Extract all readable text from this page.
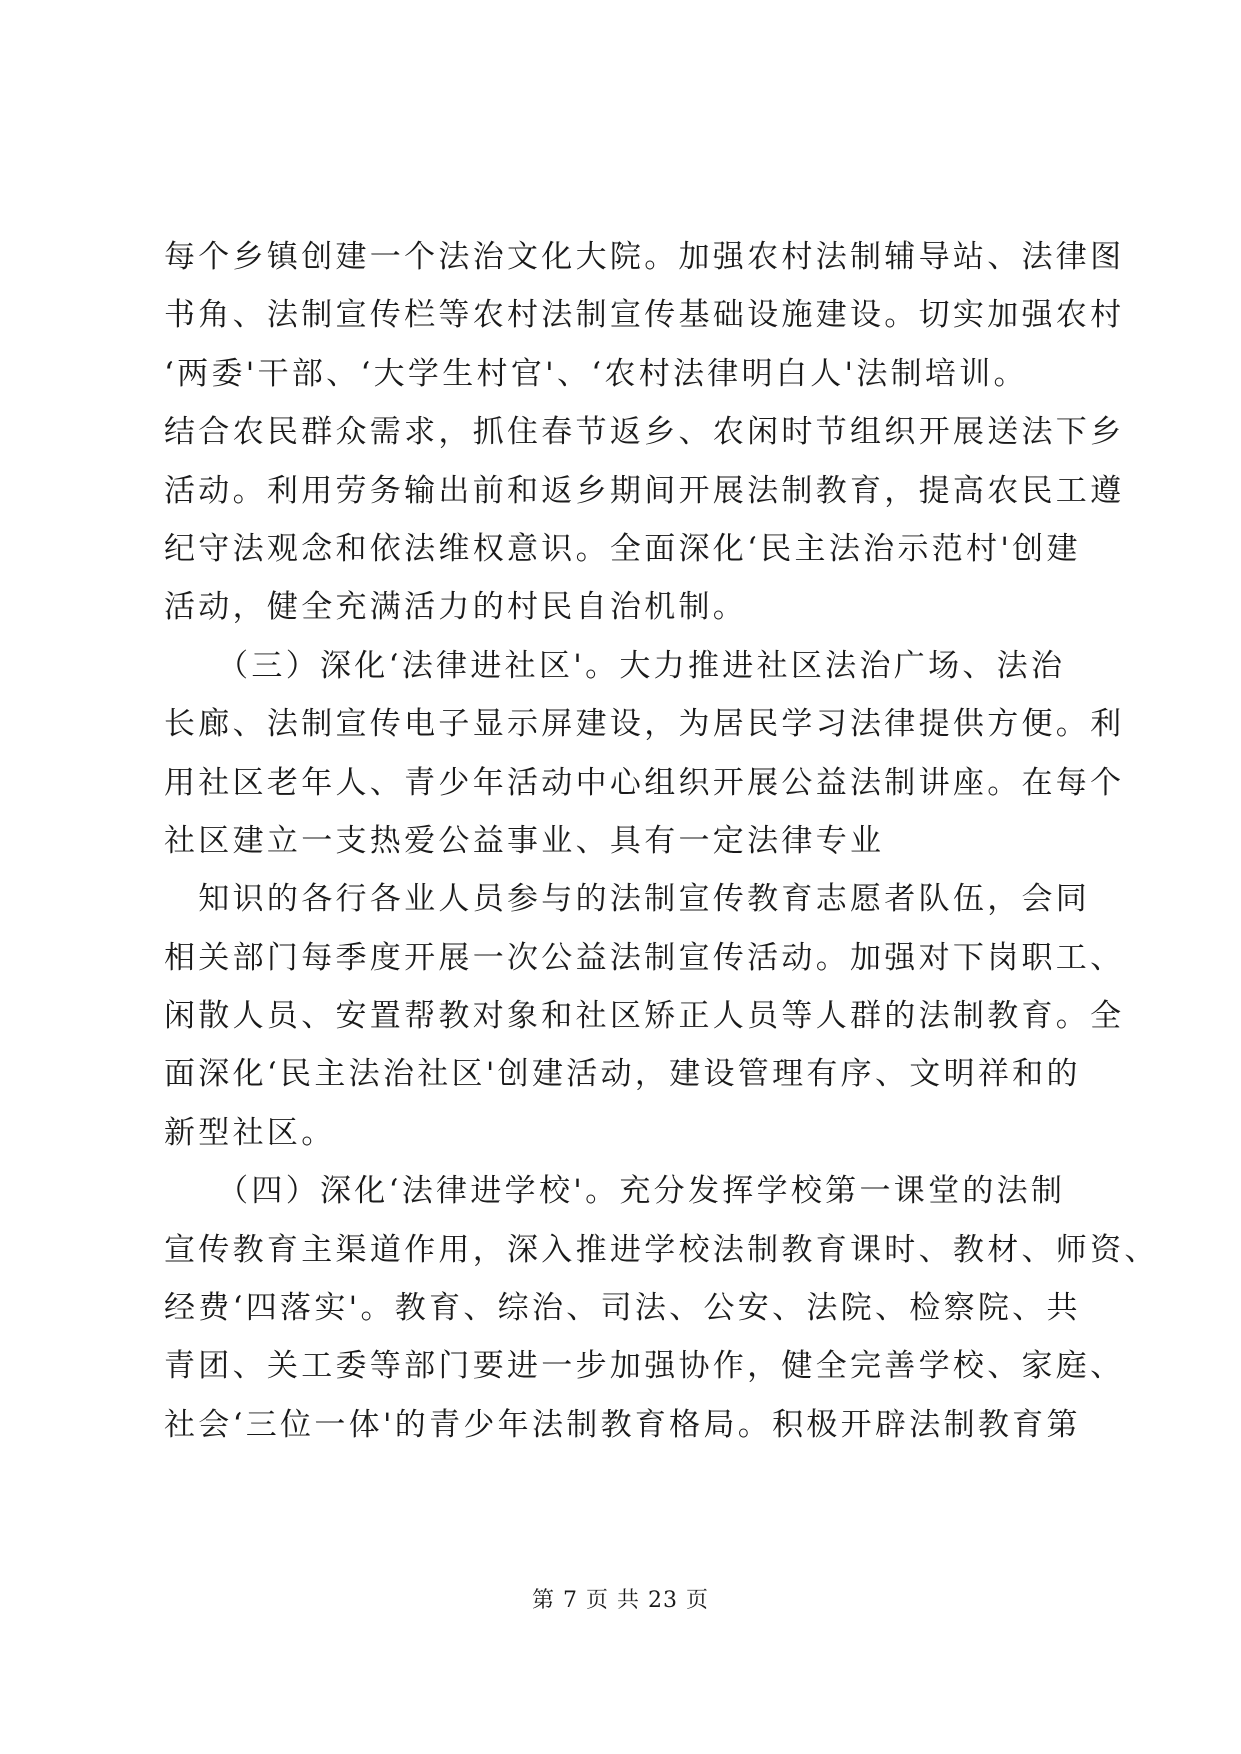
每个乡镇创建一个法治文化大院。加强农村法制辅导站、法律图
书角、法制宣传栏等农村法制宣传基础设施建设。切实加强农村
‘两委'干部、‘大学生村官'、‘农村法律明白人'法制培训。
结合农民群众需求，抓住春节返乡、农闲时节组织开展送法下乡
活动。利用劳务输出前和返乡期间开展法制教育，提高农民工遵
纪守法观念和依法维权意识。全面深化‘民主法治示范村'创建
活动，健全充满活力的村民自治机制。
　　（三）深化‘法律进社区'。大力推进社区法治广场、法治
长廊、法制宣传电子显示屏建设，为居民学习法律提供方便。利
用社区老年人、青少年活动中心组织开展公益法制讲座。在每个
社区建立一支热爱公益事业、具有一定法律专业
　知识的各行各业人员参与的法制宣传教育志愿者队伍，会同
相关部门每季度开展一次公益法制宣传活动。加强对下岗职工、
闲散人员、安置帮教对象和社区矫正人员等人群的法制教育。全
面深化‘民主法治社区'创建活动，建设管理有序、文明祥和的
新型社区。
　　（四）深化‘法律进学校'。充分发挥学校第一课堂的法制
宣传教育主渠道作用，深入推进学校法制教育课时、教材、师资、
经费‘四落实'。教育、综治、司法、公安、法院、检察院、共
青团、关工委等部门要进一步加强协作，健全完善学校、家庭、
社会‘三位一体'的青少年法制教育格局。积极开辟法制教育第
第 7 页 共 23 页
